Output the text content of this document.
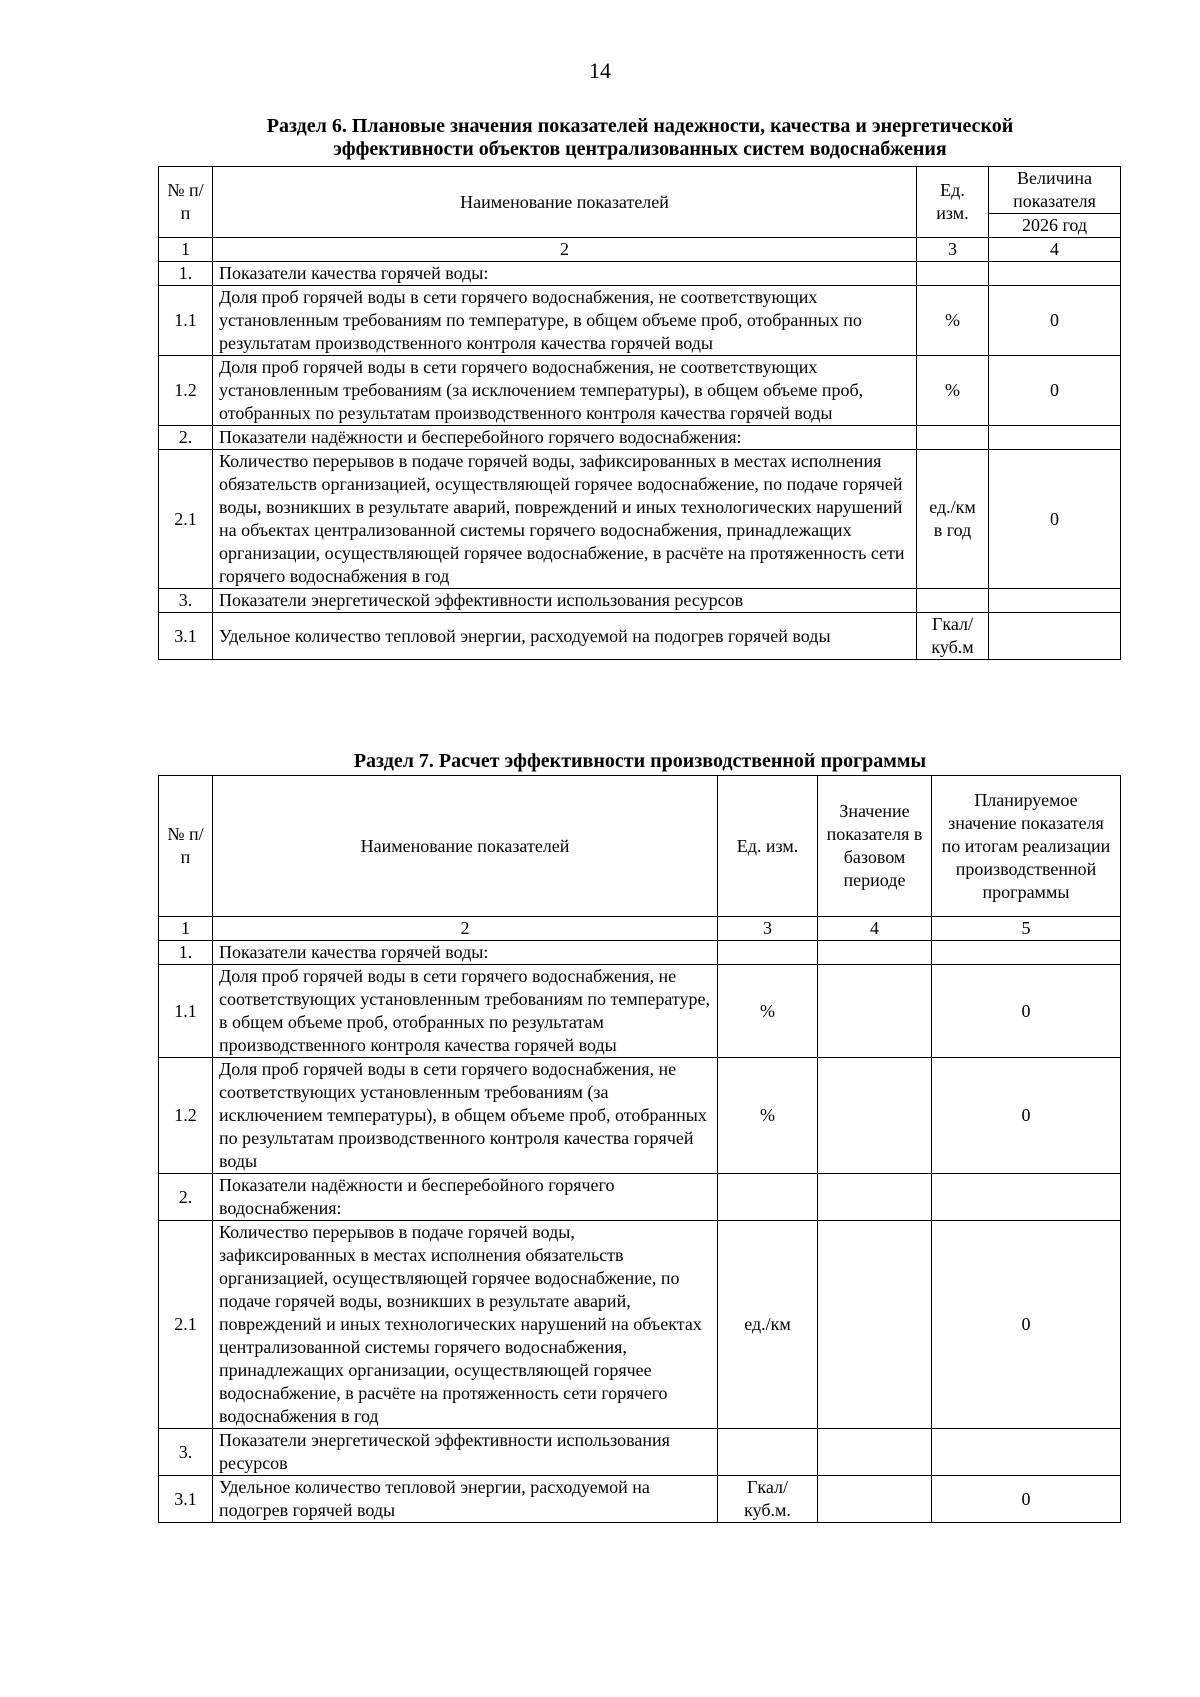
14
Раздел 6. Плановые значения показателей надежности, качества и энергетической
эффективности объектов централизованных систем водоснабжения
№ п/п	Наименование показателей	Ед. изм.	Величина показателя
			2026 год
1	2	3	4
1.	Показатели качества горячей воды:		
1.1	Доля проб горячей воды в сети горячего водоснабжения, не соответствующих установленным требованиям по температуре, в общем объеме проб, отобранных по результатам производственного контроля качества горячей воды	%	0
1.2	Доля проб горячей воды в сети горячего водоснабжения, не соответствующих установленным требованиям (за исключением температуры), в общем объеме проб, отобранных по результатам производственного контроля качества горячей воды	%	0
2.	Показатели надёжности и бесперебойного горячего водоснабжения:		
2.1	Количество перерывов в подаче горячей воды, зафиксированных в местах исполнения обязательств организацией, осуществляющей горячее водоснабжение, по подаче горячей воды, возникших в результате аварий, повреждений и иных технологических нарушений на объектах централизованной системы горячего водоснабжения, принадлежащих организации, осуществляющей горячее водоснабжение, в расчёте на протяженность сети горячего водоснабжения в год	ед./км в год	0
3.	Показатели энергетической эффективности использования ресурсов		
3.1	Удельное количество тепловой энергии, расходуемой на подогрев горячей воды	Гкал/куб.м	
Раздел 7. Расчет эффективности производственной программы
№ п/п	Наименование показателей	Ед. изм.	Значение показателя в базовом периоде	Планируемое значение показателя по итогам реализации производственной программы
1	2	3	4	5
1.	Показатели качества горячей воды:			
1.1	Доля проб горячей воды в сети горячего водоснабжения, не соответствующих установленным требованиям по температуре, в общем объеме проб, отобранных по результатам производственного контроля качества горячей воды	%		0
1.2	Доля проб горячей воды в сети горячего водоснабжения, не соответствующих установленным требованиям (за исключением температуры), в общем объеме проб, отобранных по результатам производственного контроля качества горячей воды	%		0
2.	Показатели надёжности и бесперебойного горячего водоснабжения:			
2.1	Количество перерывов в подаче горячей воды, зафиксированных в местах исполнения обязательств организацией, осуществляющей горячее водоснабжение, по подаче горячей воды, возникших в результате аварий, повреждений и иных технологических нарушений на объектах централизованной системы горячего водоснабжения, принадлежащих организации, осуществляющей горячее водоснабжение, в расчёте на протяженность сети горячего водоснабжения в год	ед./км		0
3.	Показатели энергетической эффективности использования ресурсов			
3.1	Удельное количество тепловой энергии, расходуемой на подогрев горячей воды	Гкал/куб.м.		0
